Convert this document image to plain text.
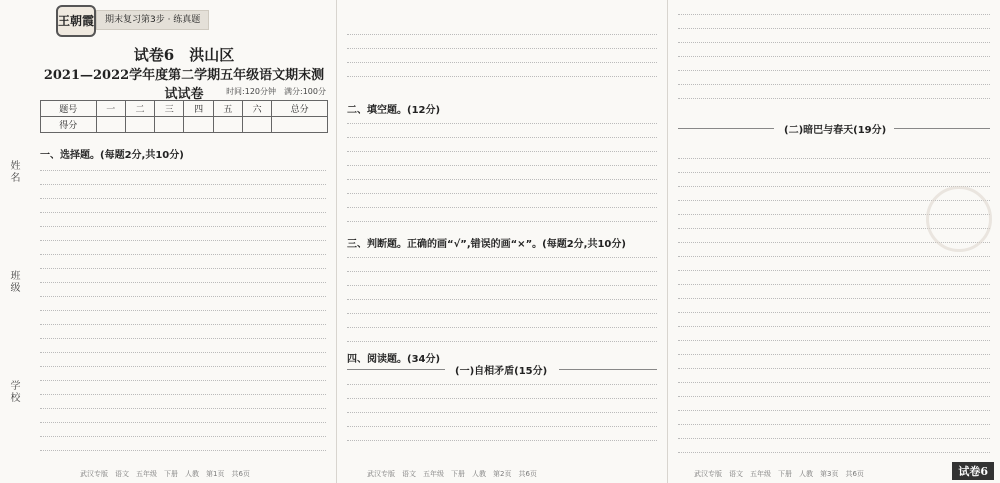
王朝霞	期末复习第3步 · 练真题
姓名
班级
学校
试卷6　洪山区
2021—2022学年度第二学期五年级语文期末测试试卷	时间:120分钟　满分:100分
题号	一	二	三	四	五	六	总分
得分							
一、选择题。(每题2分,共10分)
武汉专版　语文　五年级　下册　人教　第1页　共6页
二、填空题。(12分)
三、判断题。正确的画“√”,错误的画“×”。(每题2分,共10分)
四、阅读题。(34分)
(一)自相矛盾(15分)
武汉专版　语文　五年级　下册　人教　第2页　共6页
(二)暗巴与春天(19分)
武汉专版　语文　五年级　下册　人教　第3页　共6页	试卷6
